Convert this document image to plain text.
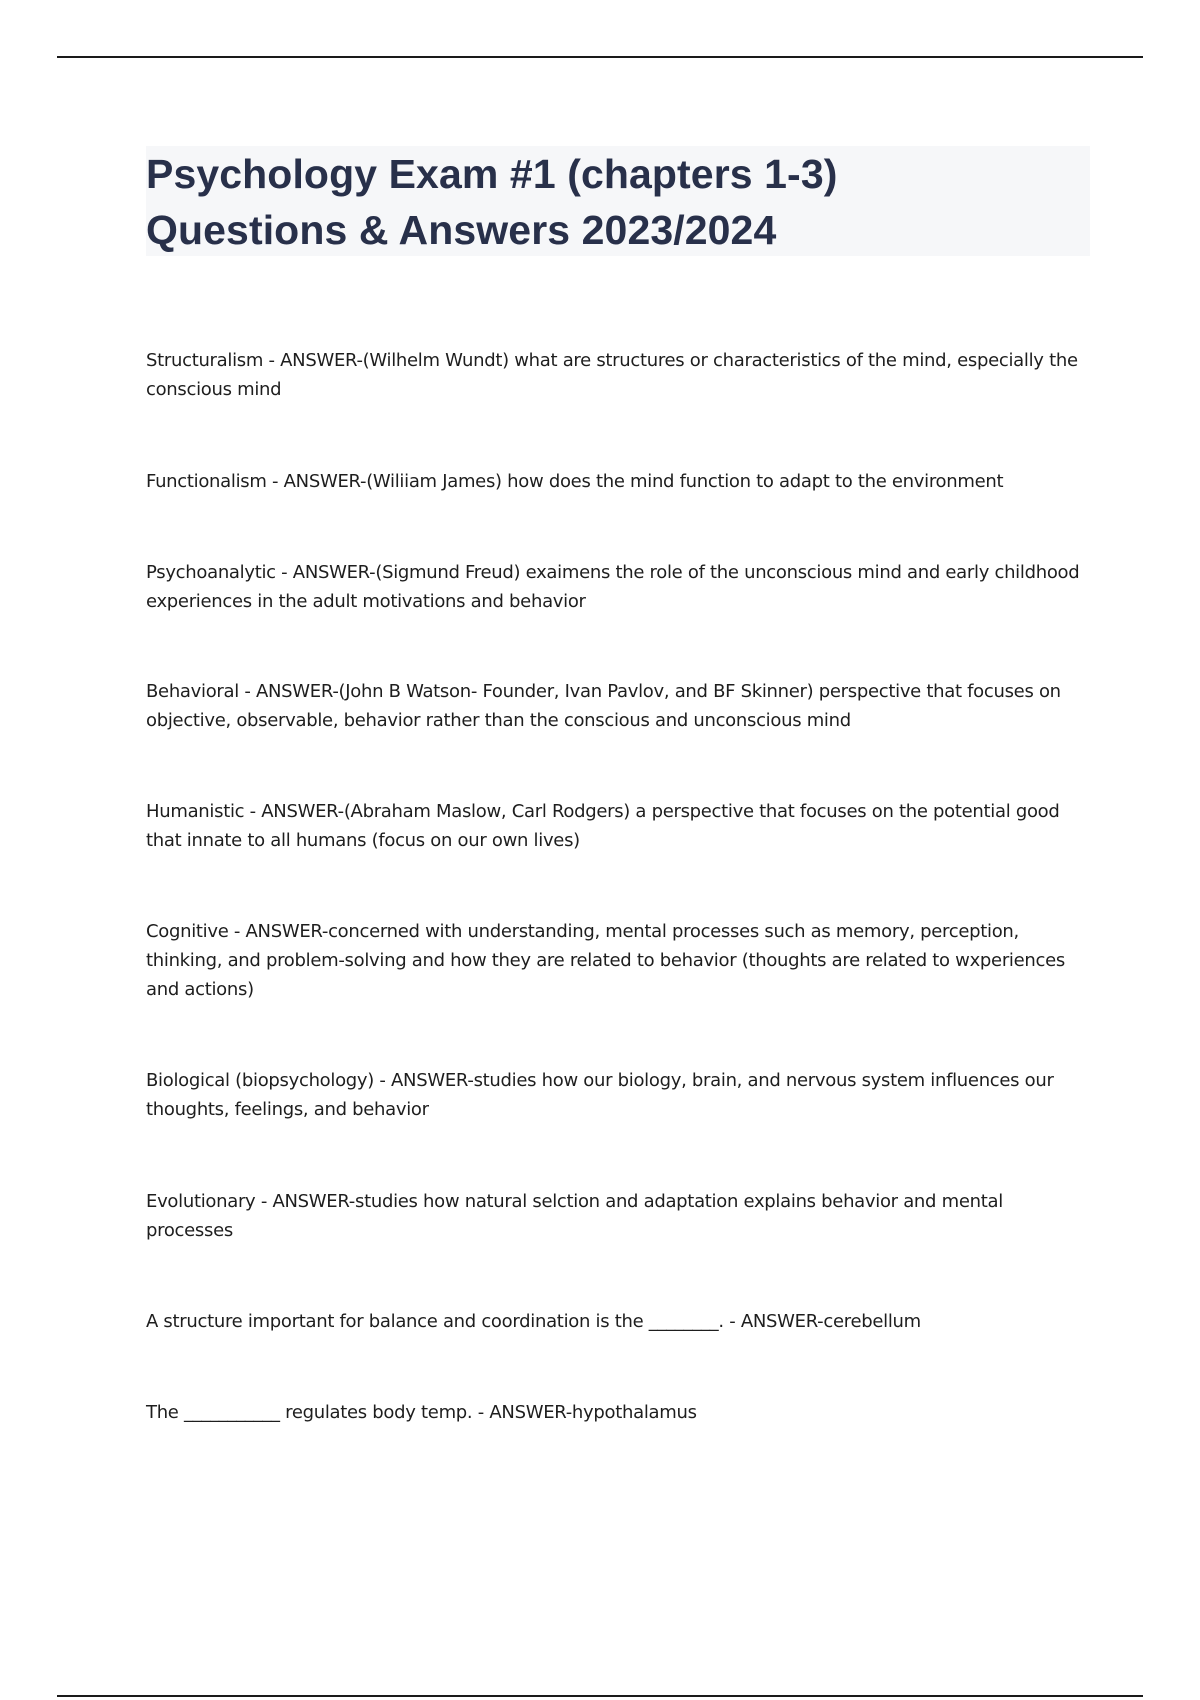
Psychology Exam #1 (chapters 1-3)
Questions & Answers 2023/2024

Structuralism - ANSWER-(Wilhelm Wundt) what are structures or characteristics of the mind, especially the conscious mind

Functionalism - ANSWER-(Wiliiam James) how does the mind function to adapt to the environment

Psychoanalytic - ANSWER-(Sigmund Freud) exaimens the role of the unconscious mind and early childhood experiences in the adult motivations and behavior

Behavioral - ANSWER-(John B Watson- Founder, Ivan Pavlov, and BF Skinner) perspective that focuses on objective, observable, behavior rather than the conscious and unconscious mind

Humanistic - ANSWER-(Abraham Maslow, Carl Rodgers) a perspective that focuses on the potential good that innate to all humans (focus on our own lives)

Cognitive - ANSWER-concerned with understanding, mental processes such as memory, perception, thinking, and problem-solving and how they are related to behavior (thoughts are related to wxperiences and actions)

Biological (biopsychology) - ANSWER-studies how our biology, brain, and nervous system influences our thoughts, feelings, and behavior

Evolutionary - ANSWER-studies how natural selction and adaptation explains behavior and mental processes

A structure important for balance and coordination is the ________. - ANSWER-cerebellum

The ___________ regulates body temp. - ANSWER-hypothalamus
